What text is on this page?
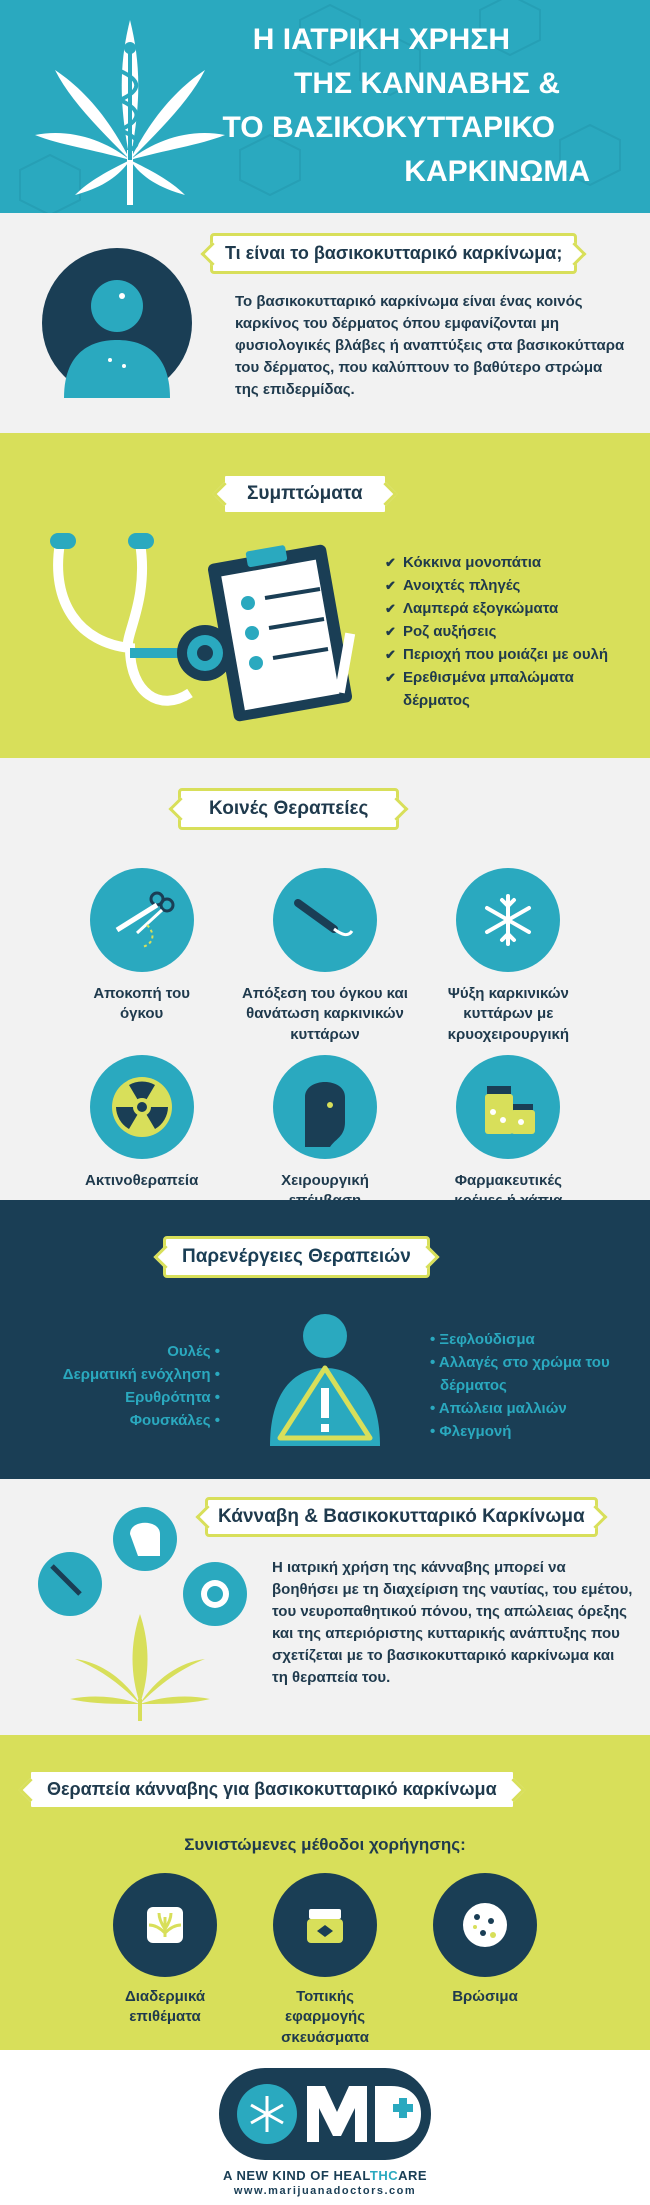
Η ΙΑΤΡΙΚΗ ΧΡΗΣΗ
ΤΗΣ ΚΑΝΝΑΒΗΣ &
ΤΟ ΒΑΣΙΚΟΚΥΤΤΑΡΙΚΟ
ΚΑΡΚΙΝΩΜΑ
Τι είναι το βασικοκυτταρικό καρκίνωμα;

Το βασικοκυτταρικό καρκίνωμα είναι ένας κοινός καρκίνος του δέρματος όπου εμφανίζονται μη φυσιολογικές βλάβες ή αναπτύξεις στα βασικοκύτταρα του δέρματος, που καλύπτουν το βαθύτερο στρώμα της επιδερμίδας.

Συμπτώματα
✔ Κόκκινα μονοπάτια
✔ Ανοιχτές πληγές
✔ Λαμπερά εξογκώματα
✔ Ροζ αυξήσεις
✔ Περιοχή που μοιάζει με ουλή
✔ Ερεθισμένα μπαλώματα δέρματος
Κοινές Θεραπείες
Αποκοπή του όγκου
Απόξεση του όγκου και θανάτωση καρκινικών κυττάρων
Ψύξη καρκινικών κυττάρων με κρυοχειρουργική
Ακτινοθεραπεία	Χειρουργική	Φαρμακευτικές
Παρενέργειες Θεραπειών
Ουλές •
Δερματική ενόχληση •
Ερυθρότητα •
Φουσκάλες •
• Ξεφλούδισμα
• Αλλαγές στο χρώμα του δέρματος
• Απώλεια μαλλιών
• Φλεγμονή
Κάνναβη & Βασικοκυτταρικό Καρκίνωμα

Η ιατρική χρήση της κάνναβης μπορεί να βοηθήσει με τη διαχείριση της ναυτίας, του εμέτου, του νευροπαθητικού πόνου, της απώλειας όρεξης και της απεριόριστης κυτταρικής ανάπτυξης που σχετίζεται με το βασικοκυτταρικό καρκίνωμα και τη θεραπεία του.

Θεραπεία κάνναβης για βασικοκυτταρικό καρκίνωμα
Συνιστώμενες μέθοδοι χορήγησης:
Διαδερμικά επιθέματα
Τοπικής εφαρμογής σκευάσματα
Βρώσιμα
A NEW KIND OF HEALTHCARE
www.marijuanadoctors.com
